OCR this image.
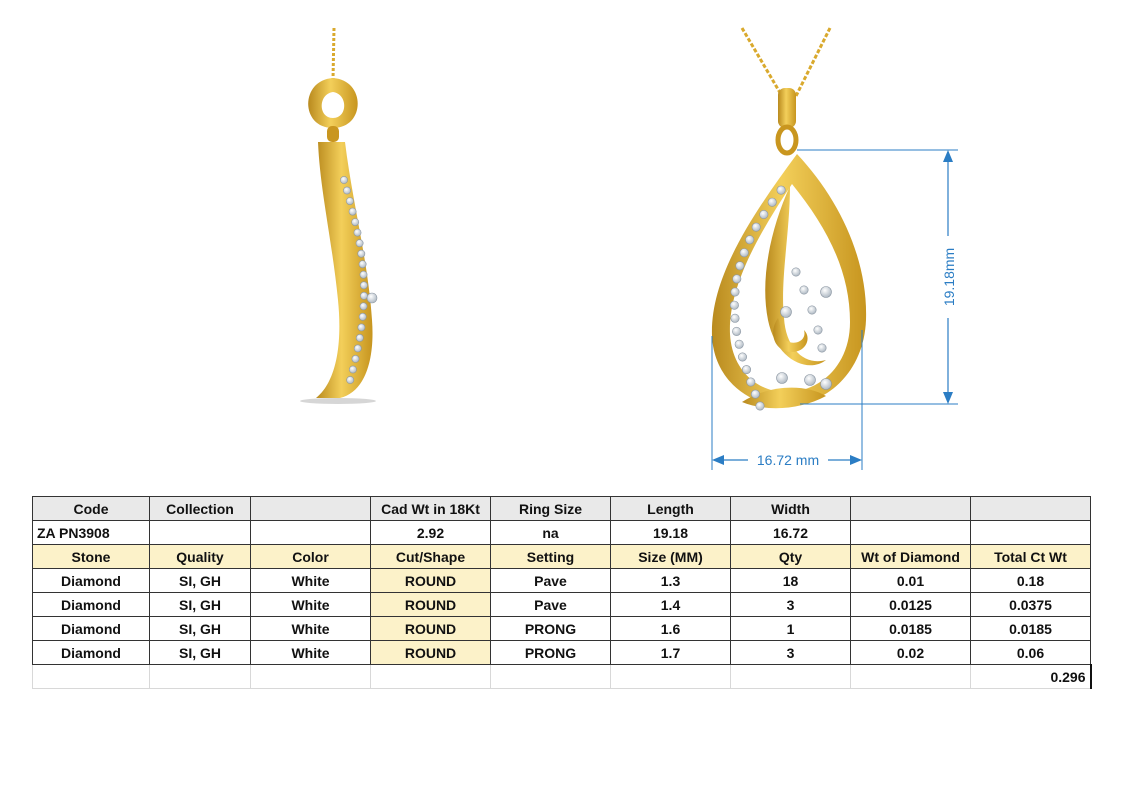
19.18mm
16.72 mm
Code	Collection		Cad Wt in 18Kt	Ring Size	Length	Width		
ZA PN3908			2.92	na	19.18	16.72		
Stone	Quality	Color	Cut/Shape	Setting	Size (MM)	Qty	Wt of Diamond	Total Ct Wt
Diamond	SI, GH	White	ROUND	Pave	1.3	18	0.01	0.18
Diamond	SI, GH	White	ROUND	Pave	1.4	3	0.0125	0.0375
Diamond	SI, GH	White	ROUND	PRONG	1.6	1	0.0185	0.0185
Diamond	SI, GH	White	ROUND	PRONG	1.7	3	0.02	0.06
								0.296
